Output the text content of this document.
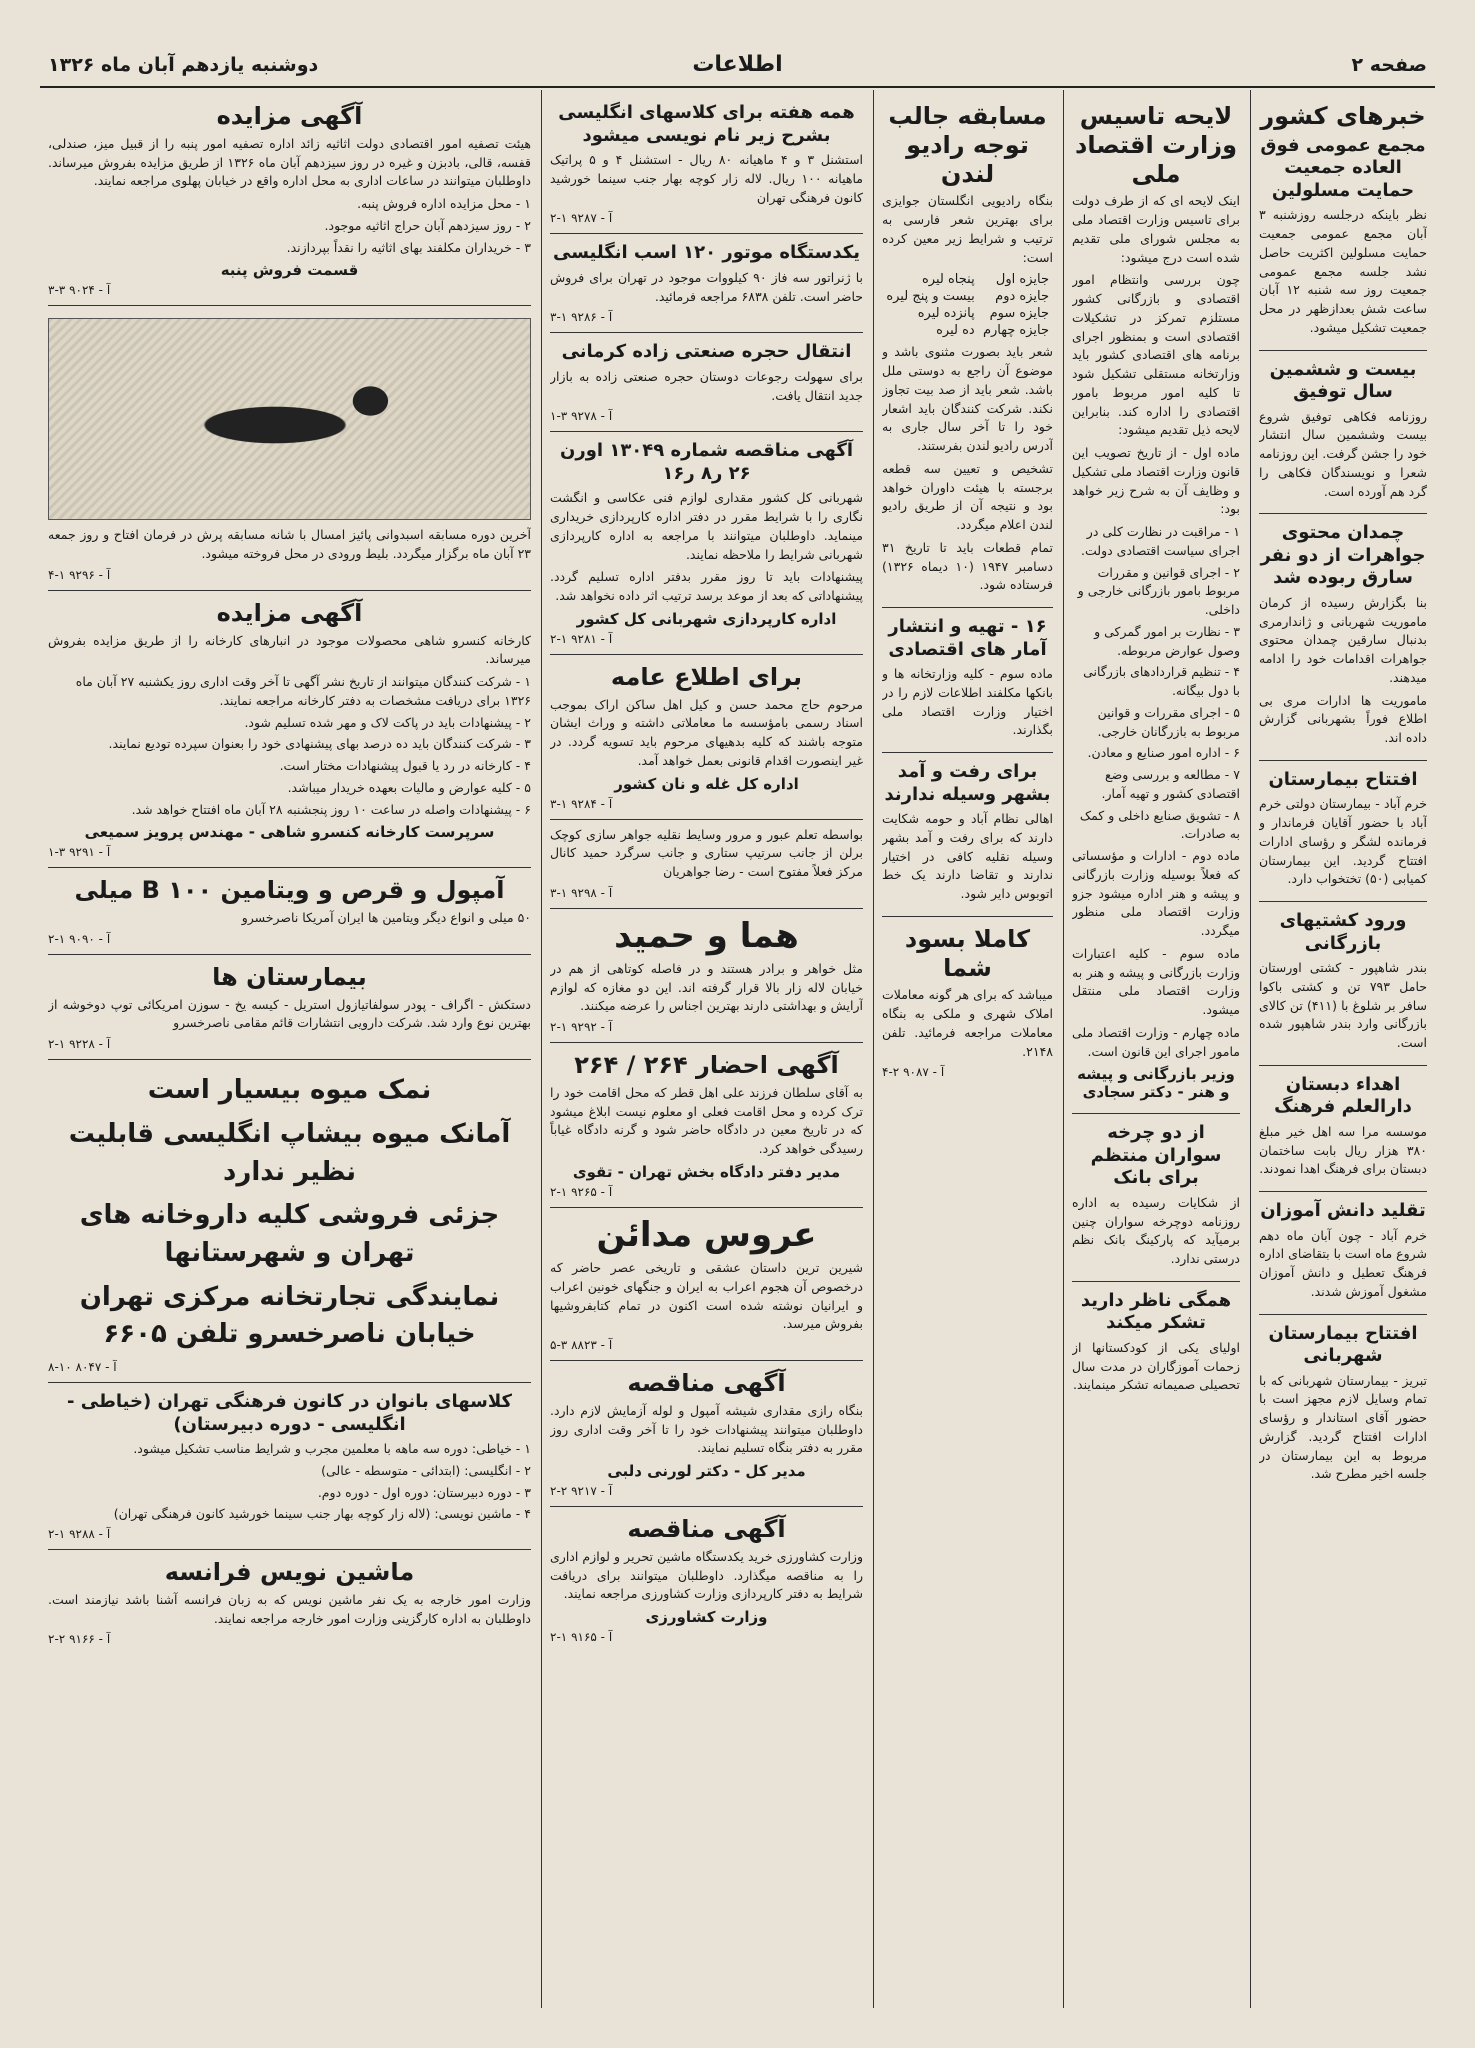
صفحه ۲
اطلاعات
دوشنبه یازدهم آبان ماه ۱۳۲۶
خبرهای کشور
مجمع عمومی فوق العاده جمعیت حمایت مسلولین

نظر باینکه درجلسه روزشنبه ۳ آبان مجمع عمومی جمعیت حمایت مسلولین اکثریت حاصل نشد جلسه مجمع عمومی جمعیت روز سه شنبه ۱۲ آبان ساعت شش بعدازظهر در محل جمعیت تشکیل میشود.

بیست و ششمین سال توفیق

روزنامه فکاهی توفیق شروع بیست وششمین سال انتشار خود را جشن گرفت. این روزنامه شعرا و نویسندگان فکاهی را گرد هم آورده است.

چمدان محتوی جواهرات از دو نفر سارق ربوده شد

بنا بگزارش رسیده از کرمان ماموریت شهربانی و ژاندارمری بدنبال سارقین چمدان محتوی جواهرات اقدامات خود را ادامه میدهند.

ماموریت ها ادارات مری بی اطلاع فوراً بشهربانی گزارش داده اند.

افتتاح بیمارستان

خرم آباد - بیمارستان دولتی خرم آباد با حضور آقایان فرماندار و فرمانده لشگر و رؤسای ادارات افتتاح گردید. این بیمارستان کمیابی (۵۰) تختخواب دارد.

ورود کشتیهای بازرگانی

بندر شاهپور - کشتی اورستان حامل ۷۹۳ تن و کشتی باکوا سافر بر شلوغ با (۴۱۱) تن کالای بازرگانی وارد بندر شاهپور شده است.

اهداء دبستان دارالعلم فرهنگ

موسسه مرا سه اهل خیر مبلغ ۳۸۰ هزار ریال بابت ساختمان دبستان برای فرهنگ اهدا نمودند.

تقلید دانش آموزان

خرم آباد - چون آبان ماه دهم شروع ماه است با بتقاضای اداره فرهنگ تعطیل و دانش آموزان مشغول آموزش شدند.

افتتاح بیمارستان شهربانی

تبریز - بیمارستان شهربانی که با تمام وسایل لازم مجهز است با حضور آقای استاندار و رؤسای ادارات افتتاح گردید. گزارش مربوط به این بیمارستان در جلسه اخیر مطرح شد.

لایحه تاسیس وزارت اقتصاد ملی

اینک لایحه ای که از طرف دولت برای تاسیس وزارت اقتصاد ملی به مجلس شورای ملی تقدیم شده است درج میشود:

چون بررسی وانتظام امور اقتصادی و بازرگانی کشور مستلزم تمرکز در تشکیلات اقتصادی است و بمنظور اجرای برنامه های اقتصادی کشور باید وزارتخانه مستقلی تشکیل شود تا کلیه امور مربوط بامور اقتصادی را اداره کند. بنابراین لایحه ذیل تقدیم میشود:

ماده اول - از تاریخ تصویب این قانون وزارت اقتصاد ملی تشکیل و وظایف آن به شرح زیر خواهد بود:

۱ - مراقبت در نظارت کلی در اجرای سیاست اقتصادی دولت.
۲ - اجرای قوانین و مقررات مربوط بامور بازرگانی خارجی و داخلی.
۳ - نظارت بر امور گمرکی و وصول عوارض مربوطه.
۴ - تنظیم قراردادهای بازرگانی با دول بیگانه.
۵ - اجرای مقررات و قوانین مربوط به بازرگانان خارجی.
۶ - اداره امور صنایع و معادن.
۷ - مطالعه و بررسی وضع اقتصادی کشور و تهیه آمار.
۸ - تشویق صنایع داخلی و کمک به صادرات.

ماده دوم - ادارات و مؤسساتی که فعلاً بوسیله وزارت بازرگانی و پیشه و هنر اداره میشود جزو وزارت اقتصاد ملی منظور میگردد.

ماده سوم - کلیه اعتبارات وزارت بازرگانی و پیشه و هنر به وزارت اقتصاد ملی منتقل میشود.

ماده چهارم - وزارت اقتصاد ملی مامور اجرای این قانون است.

وزیر بازرگانی و پیشه و هنر - دکتر سجادی
از دو چرخه سواران منتظم برای بانک

از شکایات رسیده به اداره روزنامه دوچرخه سواران چنین برمیآید که پارکینگ بانک نظم درستی ندارد.

همگی ناظر دارید تشکر میکند

اولیای یکی از کودکستانها از زحمات آموزگاران در مدت سال تحصیلی صمیمانه تشکر مینمایند.

مسابقه جالب توجه رادیو لندن

بنگاه رادیویی انگلستان جوایزی برای بهترین شعر فارسی به ترتیب و شرایط زیر معین کرده است:

جایزه اول	پنجاه لیره
جایزه دوم	بیست و پنج لیره
جایزه سوم	پانزده لیره
جایزه چهارم	ده لیره

شعر باید بصورت مثنوی باشد و موضوع آن راجع به دوستی ملل باشد. شعر باید از صد بیت تجاوز نکند. شرکت کنندگان باید اشعار خود را تا آخر سال جاری به آدرس رادیو لندن بفرستند.

تشخیص و تعیین سه قطعه برجسته با هیئت داوران خواهد بود و نتیجه آن از طریق رادیو لندن اعلام میگردد.

تمام قطعات باید تا تاریخ ۳۱ دسامبر ۱۹۴۷ (۱۰ دیماه ۱۳۲۶) فرستاده شود.

۱۶ - تهیه و انتشار آمار های اقتصادی

ماده سوم - کلیه وزارتخانه ها و بانکها مکلفند اطلاعات لازم را در اختیار وزارت اقتصاد ملی بگذارند.

برای رفت و آمد بشهر وسیله ندارند

اهالی نظام آباد و حومه شکایت دارند که برای رفت و آمد بشهر وسیله نقلیه کافی در اختیار ندارند و تقاضا دارند یک خط اتوبوس دایر شود.

کاملا بسود شما

میباشد که برای هر گونه معاملات املاک شهری و ملکی به بنگاه معاملات مراجعه فرمائید. تلفن ۲۱۴۸.

آ - ۹۰۸۷ ۲-۴
همه هفته برای کلاسهای انگلیسی بشرح زیر نام نویسی میشود

استشنل ۳ و ۴ ماهیانه ۸۰ ریال - استشنل ۴ و ۵ پراتیک ماهیانه ۱۰۰ ریال. لاله زار کوچه بهار جنب سینما خورشید کانون فرهنگی تهران

آ - ۹۲۸۷ ۱-۲
یکدستگاه موتور ۱۲۰ اسب انگلیسی

با ژنراتور سه فاز ۹۰ کیلووات موجود در تهران برای فروش حاضر است. تلفن ۶۸۳۸ مراجعه فرمائید.

آ - ۹۲۸۶ ۱-۳
انتقال حجره صنعتی زاده کرمانی

برای سهولت رجوعات دوستان حجره صنعتی زاده به بازار جدید انتقال یافت.

آ - ۹۲۷۸ ۳-۱
آگهی مناقصه شماره ۱۳۰۴۹ اورن ۲۶ ر۸ ر۱۶

شهربانی کل کشور مقداری لوازم فنی عکاسی و انگشت نگاری را با شرایط مقرر در دفتر اداره کارپردازی خریداری مینماید. داوطلبان میتوانند با مراجعه به اداره کارپردازی شهربانی شرایط را ملاحظه نمایند.

پیشنهادات باید تا روز مقرر بدفتر اداره تسلیم گردد. پیشنهاداتی که بعد از موعد برسد ترتیب اثر داده نخواهد شد.

اداره کارپردازی شهربانی کل کشور
آ - ۹۲۸۱ ۱-۲
برای اطلاع عامه

مرحوم حاج محمد حسن و کیل اهل ساکن اراک بموجب اسناد رسمی بامؤسسه ما معاملاتی داشته و وراث ایشان متوجه باشند که کلیه بدهیهای مرحوم باید تسویه گردد. در غیر اینصورت اقدام قانونی بعمل خواهد آمد.

اداره کل غله و نان کشور
آ - ۹۲۸۴ ۱-۳

بواسطه تعلم عبور و مرور وسایط نقلیه جواهر سازی کوچک برلن از جانب سرتیپ ستاری و جانب سرگرد حمید کانال مرکز فعلاً مفتوح است - رضا جواهریان

آ - ۹۲۹۸ ۱-۳
هما و حمید

مثل خواهر و برادر هستند و در فاصله کوتاهی از هم در خیابان لاله زار بالا قرار گرفته اند. این دو مغازه که لوازم آرایش و بهداشتی دارند بهترین اجناس را عرضه میکنند.

آ - ۹۲۹۲ ۱-۲
آگهی احضار ۲۶۴ / ۲۶۴

به آقای سلطان فرزند علی اهل قطر که محل اقامت خود را ترک کرده و محل اقامت فعلی او معلوم نیست ابلاغ میشود که در تاریخ معین در دادگاه حاضر شود و گرنه دادگاه غیاباً رسیدگی خواهد کرد.

مدیر دفتر دادگاه بخش تهران - تقوی
آ - ۹۲۶۵ ۱-۲
عروس مدائن

شیرین ترین داستان عشقی و تاریخی عصر حاضر که درخصوص آن هجوم اعراب به ایران و جنگهای خونین اعراب و ایرانیان نوشته شده است اکنون در تمام کتابفروشیها بفروش میرسد.

آ - ۸۸۲۳ ۳-۵
آگهی مناقصه

بنگاه رازی مقداری شیشه آمپول و لوله آزمایش لازم دارد. داوطلبان میتوانند پیشنهادات خود را تا آخر وقت اداری روز مقرر به دفتر بنگاه تسلیم نمایند.

مدیر کل - دکتر لورنی دلبی
آ - ۹۲۱۷ ۲-۲
آگهی مناقصه

وزارت کشاورزی خرید یکدستگاه ماشین تحریر و لوازم اداری را به مناقصه میگذارد. داوطلبان میتوانند برای دریافت شرایط به دفتر کارپردازی وزارت کشاورزی مراجعه نمایند.

وزارت کشاورزی
آ - ۹۱۶۵ ۱-۲
آگهی مزایده

هیئت تصفیه امور اقتصادی دولت اثاثیه زائد اداره تصفیه امور پنبه را از قبیل میز، صندلی، قفسه، قالی، بادبزن و غیره در روز سیزدهم آبان ماه ۱۳۲۶ از طریق مزایده بفروش میرساند. داوطلبان میتوانند در ساعات اداری به محل اداره واقع در خیابان پهلوی مراجعه نمایند.

۱ - محل مزایده اداره فروش پنبه.
۲ - روز سیزدهم آبان حراج اثاثیه موجود.
۳ - خریداران مکلفند بهای اثاثیه را نقداً بپردازند.
قسمت فروش پنبه
آ - ۹۰۲۴ ۳-۳

آخرین دوره مسابقه اسبدوانی پائیز امسال با شانه مسابقه پرش در فرمان افتاح و روز جمعه ۲۳ آبان ماه برگزار میگردد. بلیط ورودی در محل فروخته میشود.

آ - ۹۲۹۶ ۱-۴
آگهی مزایده

کارخانه کنسرو شاهی محصولات موجود در انبارهای کارخانه را از طریق مزایده بفروش میرساند.

۱ - شرکت کنندگان میتوانند از تاریخ نشر آگهی تا آخر وقت اداری روز یکشنبه ۲۷ آبان ماه ۱۳۲۶ برای دریافت مشخصات به دفتر کارخانه مراجعه نمایند.
۲ - پیشنهادات باید در پاکت لاک و مهر شده تسلیم شود.
۳ - شرکت کنندگان باید ده درصد بهای پیشنهادی خود را بعنوان سپرده تودیع نمایند.
۴ - کارخانه در رد یا قبول پیشنهادات مختار است.
۵ - کلیه عوارض و مالیات بعهده خریدار میباشد.
۶ - پیشنهادات واصله در ساعت ۱۰ روز پنجشنبه ۲۸ آبان ماه افتتاح خواهد شد.
سرپرست کارخانه کنسرو شاهی - مهندس پرویز سمیعی
آ - ۹۲۹۱ ۳-۱
آمپول و قرص و ویتامین B ۱۰۰ میلی

۵۰ میلی و انواع دیگر ویتامین ها ایران آمریکا ناصرخسرو

آ - ۹۰۹۰ ۱-۲
بیمارستان ها

دستکش - اگراف - پودر سولفاتیازول استریل - کیسه یخ - سوزن امریکائی توپ دوخوشه از بهترین نوع وارد شد. شرکت دارویی انتشارات قائم مقامی ناصرخسرو

آ - ۹۲۲۸ ۱-۲
نمک میوه بیسیار است
آمانک میوه بیشاپ انگلیسی قابلیت نظیر ندارد
جزئی فروشی کلیه داروخانه های تهران و شهرستانها
نمایندگی تجارتخانه مرکزی تهران خیابان ناصرخسرو تلفن ۶۶۰۵
آ - ۸۰۴۷ ۱۰-۸
کلاسهای بانوان در کانون فرهنگی تهران (خیاطی - انگلیسی - دوره دبیرستان)
۱ - خیاطی: دوره سه ماهه با معلمین مجرب و شرایط مناسب تشکیل میشود.
۲ - انگلیسی: (ابتدائی - متوسطه - عالی)
۳ - دوره دبیرستان: دوره اول - دوره دوم.
۴ - ماشین نویسی: (لاله زار کوچه بهار جنب سینما خورشید کانون فرهنگی تهران)
آ - ۹۲۸۸ ۱-۲
ماشین نویس فرانسه

وزارت امور خارجه به یک نفر ماشین نویس که به زبان فرانسه آشنا باشد نیازمند است. داوطلبان به اداره کارگزینی وزارت امور خارجه مراجعه نمایند.

آ - ۹۱۶۶ ۲-۲
